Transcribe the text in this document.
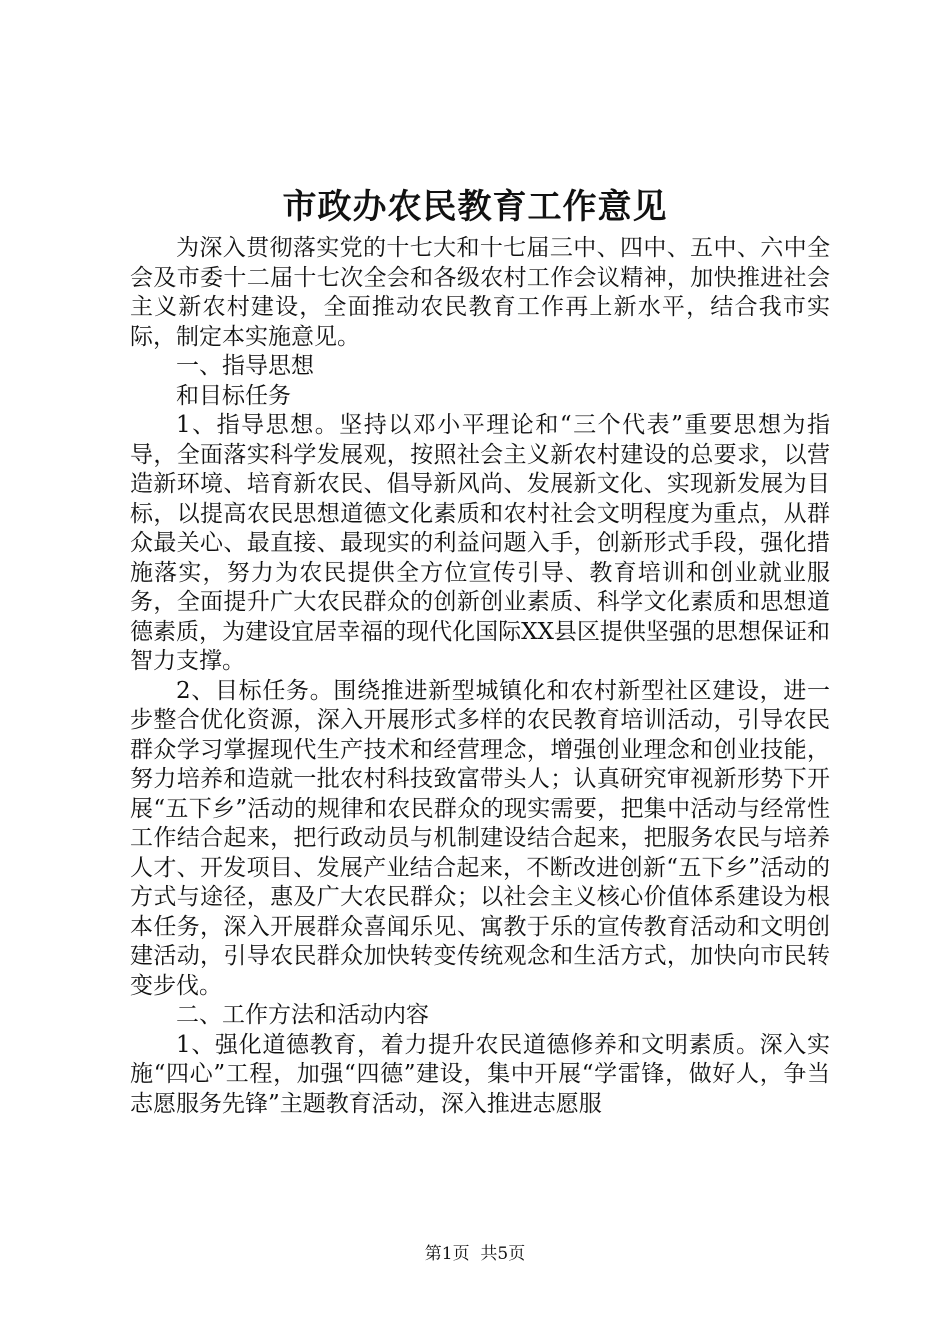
市政办农民教育工作意见

为深入贯彻落实党的十七大和十七届三中、四中、五中、六中全会及市委十二届十七次全会和各级农村工作会议精神，加快推进社会主义新农村建设，全面推动农民教育工作再上新水平，结合我市实际，制定本实施意见。

一、指导思想

和目标任务

1、指导思想。坚持以邓小平理论和“三个代表”重要思想为指导，全面落实科学发展观，按照社会主义新农村建设的总要求，以营造新环境、培育新农民、倡导新风尚、发展新文化、实现新发展为目标，以提高农民思想道德文化素质和农村社会文明程度为重点，从群众最关心、最直接、最现实的利益问题入手，创新形式手段，强化措施落实，努力为农民提供全方位宣传引导、教育培训和创业就业服务，全面提升广大农民群众的创新创业素质、科学文化素质和思想道德素质，为建设宜居幸福的现代化国际XX县区提供坚强的思想保证和智力支撑。

2、目标任务。围绕推进新型城镇化和农村新型社区建设，进一步整合优化资源，深入开展形式多样的农民教育培训活动，引导农民群众学习掌握现代生产技术和经营理念，增强创业理念和创业技能，努力培养和造就一批农村科技致富带头人；认真研究审视新形势下开展“五下乡”活动的规律和农民群众的现实需要，把集中活动与经常性工作结合起来，把行政动员与机制建设结合起来，把服务农民与培养人才、开发项目、发展产业结合起来，不断改进创新“五下乡”活动的方式与途径，惠及广大农民群众；以社会主义核心价值体系建设为根本任务，深入开展群众喜闻乐见、寓教于乐的宣传教育活动和文明创建活动，引导农民群众加快转变传统观念和生活方式，加快向市民转变步伐。

二、工作方法和活动内容

1、强化道德教育，着力提升农民道德修养和文明素质。深入实施“四心”工程，加强“四德”建设，集中开展“学雷锋，做好人，争当志愿服务先锋”主题教育活动，深入推进志愿服

第1页  共5页
